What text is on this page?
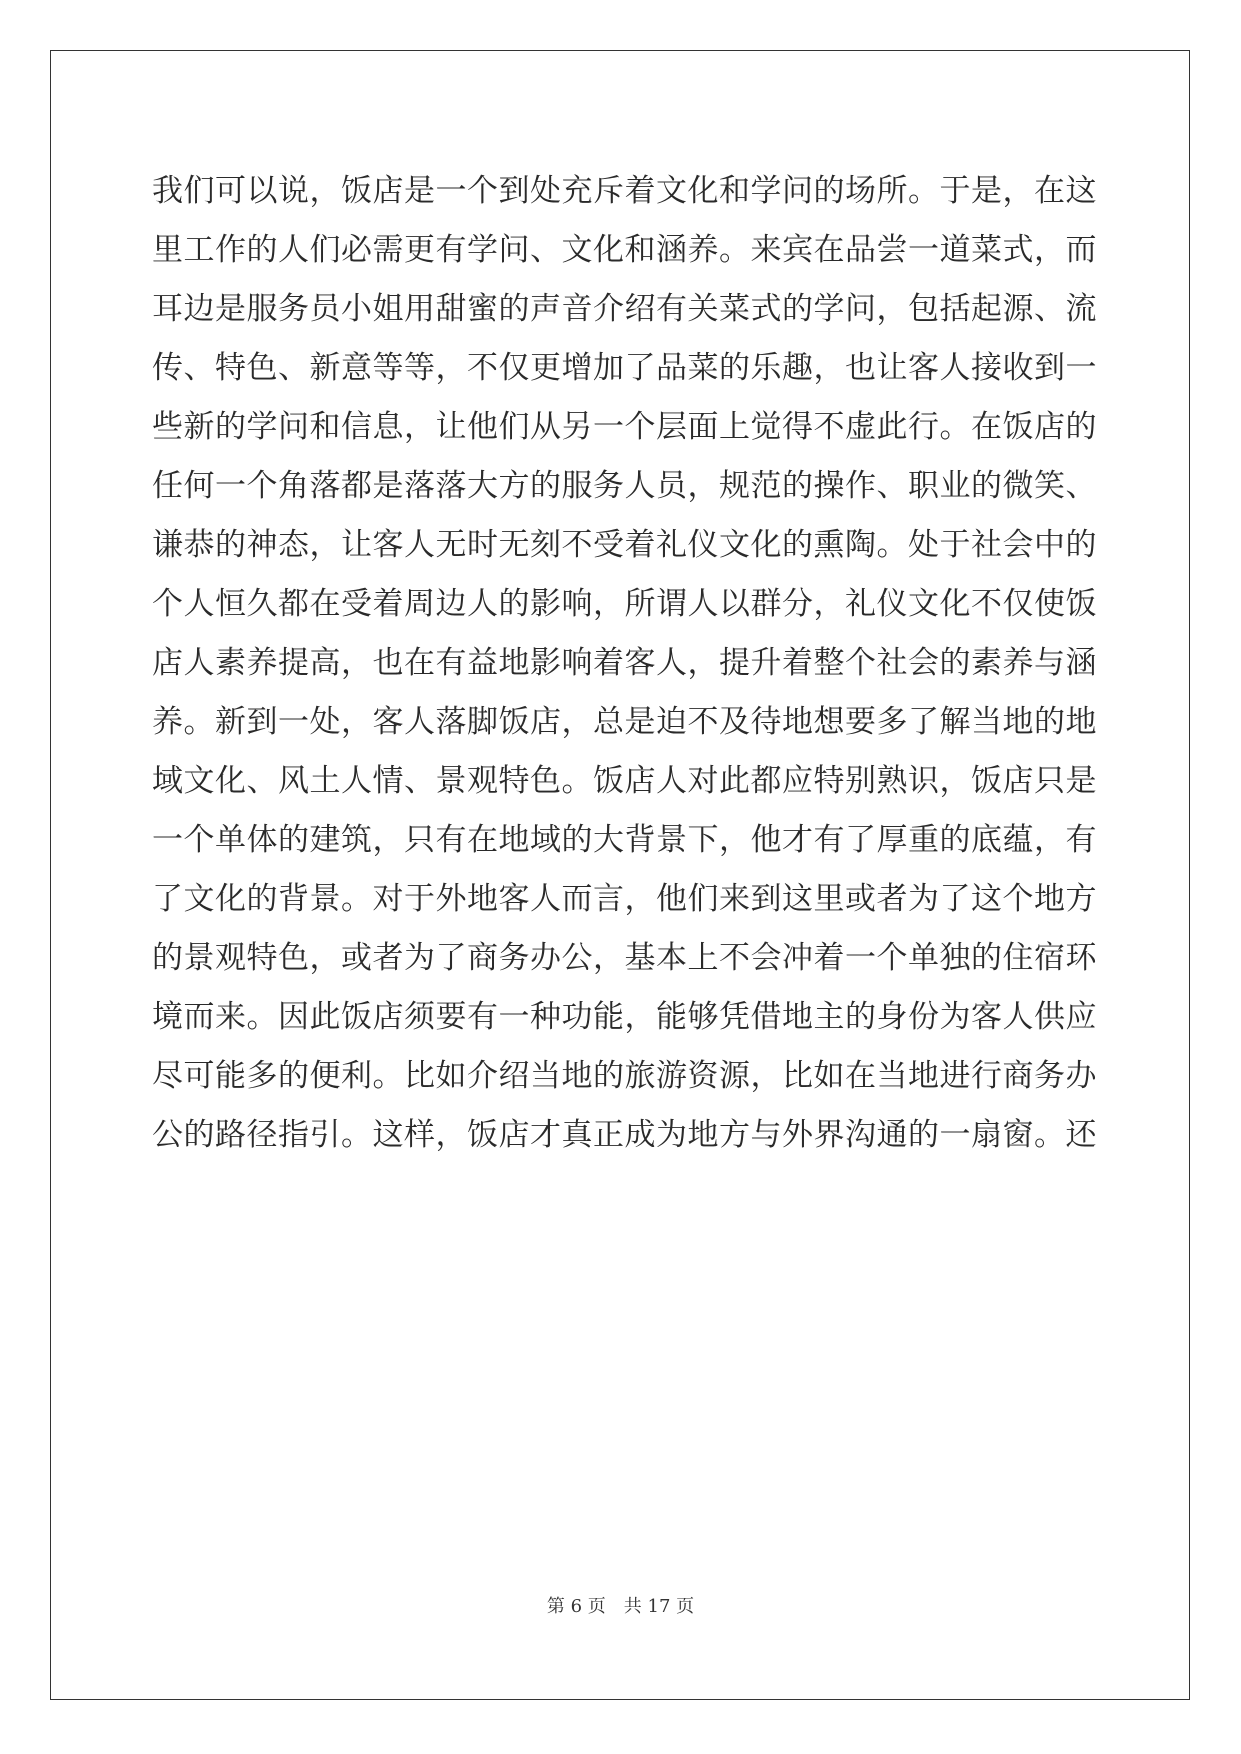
我们可以说，饭店是一个到处充斥着文化和学问的场所。于是，在这
里工作的人们必需更有学问、文化和涵养。来宾在品尝一道菜式，而
耳边是服务员小姐用甜蜜的声音介绍有关菜式的学问，包括起源、流
传、特色、新意等等，不仅更增加了品菜的乐趣，也让客人接收到一
些新的学问和信息，让他们从另一个层面上觉得不虚此行。在饭店的
任何一个角落都是落落大方的服务人员，规范的操作、职业的微笑、
谦恭的神态，让客人无时无刻不受着礼仪文化的熏陶。处于社会中的
个人恒久都在受着周边人的影响，所谓人以群分，礼仪文化不仅使饭
店人素养提高，也在有益地影响着客人，提升着整个社会的素养与涵
养。新到一处，客人落脚饭店，总是迫不及待地想要多了解当地的地
域文化、风土人情、景观特色。饭店人对此都应特别熟识，饭店只是
一个单体的建筑，只有在地域的大背景下，他才有了厚重的底蕴，有
了文化的背景。对于外地客人而言，他们来到这里或者为了这个地方
的景观特色，或者为了商务办公，基本上不会冲着一个单独的住宿环
境而来。因此饭店须要有一种功能，能够凭借地主的身份为客人供应
尽可能多的便利。比如介绍当地的旅游资源，比如在当地进行商务办
公的路径指引。这样，饭店才真正成为地方与外界沟通的一扇窗。还
第 6 页　共 17 页
